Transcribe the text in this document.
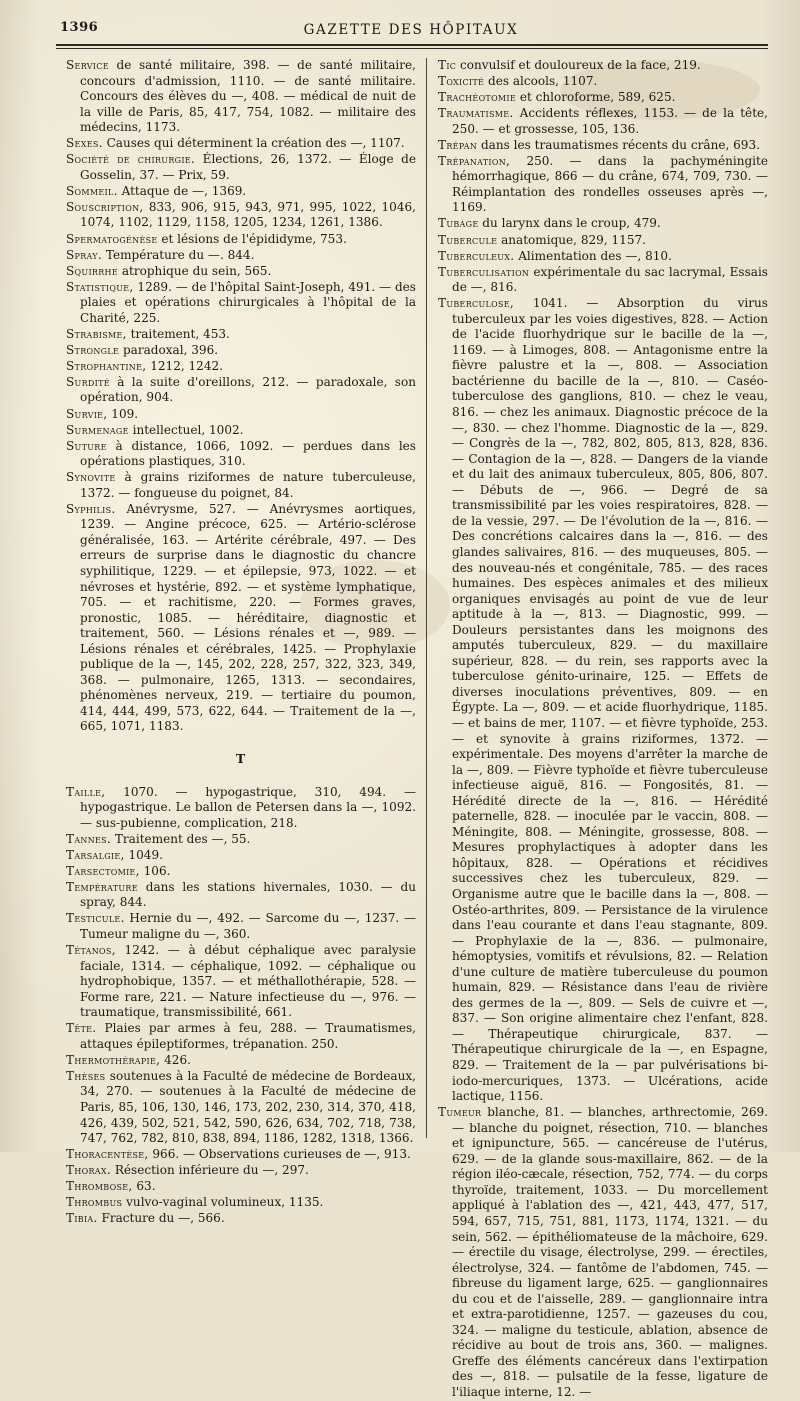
1396	GAZETTE DES HÔPITAUX
Service de santé militaire, 398. — de santé militaire, concours d'admission, 1110. — de santé militaire. Concours des élèves du —, 408. — médical de nuit de la ville de Paris, 85, 417, 754, 1082. — militaire des médecins, 1173.
Sexes. Causes qui déterminent la création des —, 1107.
Société de chirurgie. Élections, 26, 1372. — Éloge de Gosselin, 37. — Prix, 59.
Sommeil. Attaque de —, 1369.
Souscription, 833, 906, 915, 943, 971, 995, 1022, 1046, 1074, 1102, 1129, 1158, 1205, 1234, 1261, 1386.
Spermatogénèse et lésions de l'épididyme, 753.
Spray. Température du —. 844.
Squirrhe atrophique du sein, 565.
Statistique, 1289. — de l'hôpital Saint-Joseph, 491. — des plaies et opérations chirurgicales à l'hôpital de la Charité, 225.
Strabisme, traitement, 453.
Strongle paradoxal, 396.
Strophantine, 1212, 1242.
Surdité à la suite d'oreillons, 212. — paradoxale, son opération, 904.
Survie, 109.
Surmenage intellectuel, 1002.
Suture à distance, 1066, 1092. — perdues dans les opérations plastiques, 310.
Synovite à grains riziformes de nature tuberculeuse, 1372. — fongueuse du poignet, 84.
Syphilis. Anévrysme, 527. — Anévrysmes aortiques, 1239. — Angine précoce, 625. — Artério-sclérose généralisée, 163. — Artérite cérébrale, 497. — Des erreurs de surprise dans le diagnostic du chancre syphilitique, 1229. — et épilepsie, 973, 1022. — et névroses et hystérie, 892. — et système lymphatique, 705. — et rachitisme, 220. — Formes graves, pronostic, 1085. — héréditaire, diagnostic et traitement, 560. — Lésions rénales et —, 989. — Lésions rénales et cérébrales, 1425. — Prophylaxie publique de la —, 145, 202, 228, 257, 322, 323, 349, 368. — pulmonaire, 1265, 1313. — secondaires, phénomènes nerveux, 219. — tertiaire du poumon, 414, 444, 499, 573, 622, 644. — Traitement de la —, 665, 1071, 1183.
T
Taille, 1070. — hypogastrique, 310, 494. — hypogastrique. Le ballon de Petersen dans la —, 1092. — sus-pubienne, complication, 218.
Tannes. Traitement des —, 55.
Tarsalgie, 1049.
Tarsectomie, 106.
Température dans les stations hivernales, 1030. — du spray, 844.
Testicule. Hernie du —, 492. — Sarcome du —, 1237. — Tumeur maligne du —, 360.
Tétanos, 1242. — à début céphalique avec paralysie faciale, 1314. — céphalique, 1092. — céphalique ou hydrophobique, 1357. — et méthallothérapie, 528. — Forme rare, 221. — Nature infectieuse du —, 976. — traumatique, transmissibilité, 661.
Tête. Plaies par armes à feu, 288. — Traumatismes, attaques épileptiformes, trépanation. 250.
Thermothérapie, 426.
Thèses soutenues à la Faculté de médecine de Bordeaux, 34, 270. — soutenues à la Faculté de médecine de Paris, 85, 106, 130, 146, 173, 202, 230, 314, 370, 418, 426, 439, 502, 521, 542, 590, 626, 634, 702, 718, 738, 747, 762, 782, 810, 838, 894, 1186, 1282, 1318, 1366.
Thoracentèse, 966. — Observations curieuses de —, 913.
Thorax. Résection inférieure du —, 297.
Thrombose, 63.
Thrombus vulvo-vaginal volumineux, 1135.
Tibia. Fracture du —, 566.
Tic convulsif et douloureux de la face, 219.
Toxicité des alcools, 1107.
Trachéotomie et chloroforme, 589, 625.
Traumatisme. Accidents réflexes, 1153. — de la tête, 250. — et grossesse, 105, 136.
Trépan dans les traumatismes récents du crâne, 693.
Trépanation, 250. — dans la pachyméningite hémorrhagique, 866 — du crâne, 674, 709, 730. — Réimplantation des rondelles osseuses après —, 1169.
Tubage du larynx dans le croup, 479.
Tubercule anatomique, 829, 1157.
Tuberculeux. Alimentation des —, 810.
Tuberculisation expérimentale du sac lacrymal, Essais de —, 816.
Tuberculose, 1041. — Absorption du virus tuberculeux par les voies digestives, 828. — Action de l'acide fluorhydrique sur le bacille de la —, 1169. — à Limoges, 808. — Antagonisme entre la fièvre palustre et la —, 808. — Association bactérienne du bacille de la —, 810. — Caséo-tuberculose des ganglions, 810. — chez le veau, 816. — chez les animaux. Diagnostic précoce de la —, 830. — chez l'homme. Diagnostic de la —, 829. — Congrès de la —, 782, 802, 805, 813, 828, 836. — Contagion de la —, 828. — Dangers de la viande et du lait des animaux tuberculeux, 805, 806, 807. — Débuts de —, 966. — Degré de sa transmissibilité par les voies respiratoires, 828. — de la vessie, 297. — De l'évolution de la —, 816. — Des concrétions calcaires dans la —, 816. — des glandes salivaires, 816. — des muqueuses, 805. — des nouveau-nés et congénitale, 785. — des races humaines. Des espèces animales et des milieux organiques envisagés au point de vue de leur aptitude à la —, 813. — Diagnostic, 999. — Douleurs persistantes dans les moignons des amputés tuberculeux, 829. — du maxillaire supérieur, 828. — du rein, ses rapports avec la tuberculose génito-urinaire, 125. — Effets de diverses inoculations préventives, 809. — en Égypte. La —, 809. — et acide fluorhydrique, 1185. — et bains de mer, 1107. — et fièvre typhoïde, 253. — et synovite à grains riziformes, 1372. — expérimentale. Des moyens d'arrêter la marche de la —, 809. — Fièvre typhoïde et fièvre tuberculeuse infectieuse aiguë, 816. — Fongosités, 81. — Hérédité directe de la —, 816. — Hérédité paternelle, 828. — inoculée par le vaccin, 808. — Méningite, 808. — Méningite, grossesse, 808. — Mesures prophylactiques à adopter dans les hôpitaux, 828. — Opérations et récidives successives chez les tuberculeux, 829. — Organisme autre que le bacille dans la —, 808. — Ostéo-arthrites, 809. — Persistance de la virulence dans l'eau courante et dans l'eau stagnante, 809. — Prophylaxie de la —, 836. — pulmonaire, hémoptysies, vomitifs et révulsions, 82. — Relation d'une culture de matière tuberculeuse du poumon humain, 829. — Résistance dans l'eau de rivière des germes de la —, 809. — Sels de cuivre et —, 837. — Son origine alimentaire chez l'enfant, 828. — Thérapeutique chirurgicale, 837. — Thérapeutique chirurgicale de la —, en Espagne, 829. — Traitement de la — par pulvérisations bi-iodo-mercuriques, 1373. — Ulcérations, acide lactique, 1156.
Tumeur blanche, 81. — blanches, arthrectomie, 269. — blanche du poignet, résection, 710. — blanches et ignipuncture, 565. — cancéreuse de l'utérus, 629. — de la glande sous-maxillaire, 862. — de la région iléo-cæcale, résection, 752, 774. — du corps thyroïde, traitement, 1033. — Du morcellement appliqué à l'ablation des —, 421, 443, 477, 517, 594, 657, 715, 751, 881, 1173, 1174, 1321. — du sein, 562. — épithéliomateuse de la mâchoire, 629. — érectile du visage, électrolyse, 299. — érectiles, électrolyse, 324. — fantôme de l'abdomen, 745. — fibreuse du ligament large, 625. — ganglionnaires du cou et de l'aisselle, 289. — ganglionnaire intra et extra-parotidienne, 1257. — gazeuses du cou, 324. — maligne du testicule, ablation, absence de récidive au bout de trois ans, 360. — malignes. Greffe des éléments cancéreux dans l'extirpation des —, 818. — pulsatile de la fesse, ligature de l'iliaque interne, 12. —
